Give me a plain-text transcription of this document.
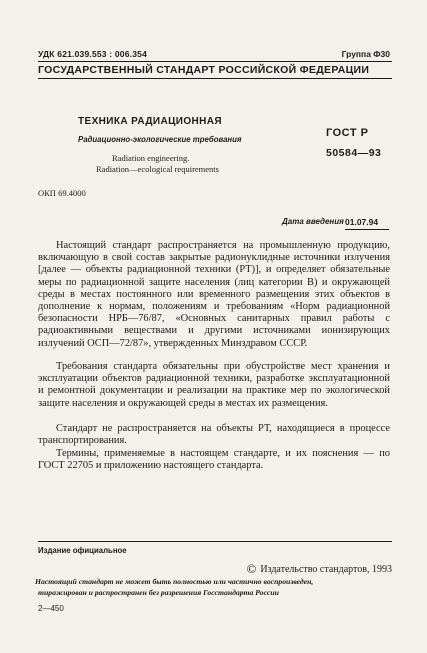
УДК 621.039.553 : 006.354	Группа Ф30
ГОСУДАРСТВЕННЫЙ СТАНДАРТ РОССИЙСКОЙ ФЕДЕРАЦИИ
ТЕХНИКА РАДИАЦИОННАЯ
Радиационно-экологические требования
Radiation engineering.
Radiation—ecological requirements
ГОСТ Р
50584—93
ОКП 69.4000
Дата введения 01.07.94

Настоящий стандарт распространяется на промышленную продукцию, включающую в свой состав закрытые радионуклидные источники излучения [далее — объекты радиационной техники (РТ)], и определяет обязательные меры по радиационной защите населения (лиц категории В) и окружающей среды в местах постоянного или временного размещения этих объектов в дополнение к нормам, положениям и требованиям «Норм радиационной безопасности НРБ—76/87, «Основных санитарных правил работы с радиоактивными веществами и другими источниками ионизирующих излучений ОСП—72/87», утвержденных Минздравом СССР.

Требования стандарта обязательны при обустройстве мест хранения и эксплуатации объектов радиационной техники, разработке эксплуатационной и ремонтной документации и реализации на практике мер по экологической защите населения и окружающей среды в местах их размещения.

Стандарт не распространяется на объекты РТ, находящиеся в процессе транспортирования.

Термины, применяемые в настоящем стандарте, и их пояснения — по ГОСТ 22705 и приложению настоящего стандарта.

Издание официальное
© Издательство стандартов, 1993
Настоящий стандарт не может быть полностью или частично воспроизведен,
тиражирован и распространен без разрешения Госстандарта России
2—450
